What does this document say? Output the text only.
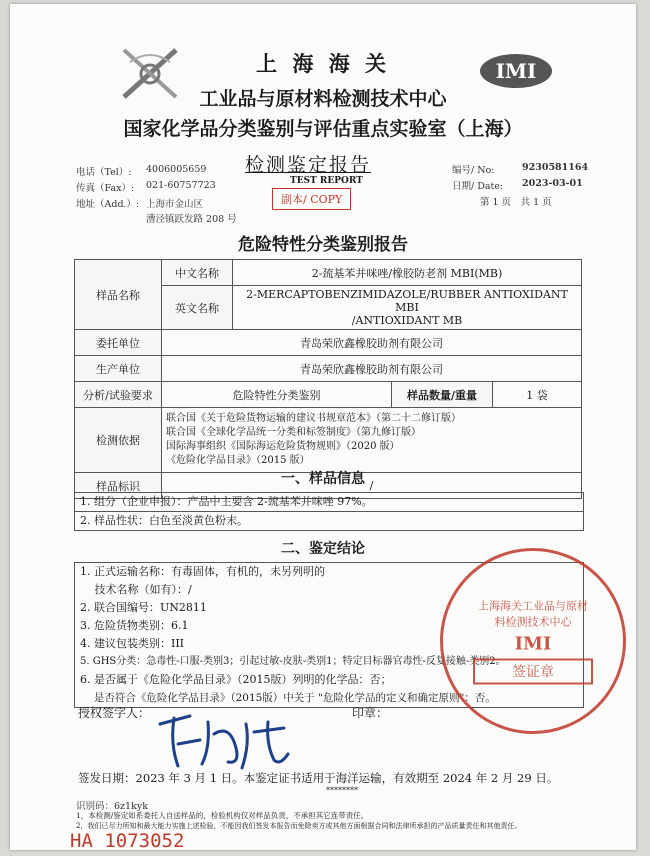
IMI
上 海 海 关
工业品与原材料检测技术中心
国家化学品分类鉴别与评估重点实验室（上海）
电话（Tel）: 4006005659
传真（Fax）: 021-60757723
地址（Add.）: 上海市金山区
漕泾镇跃发路 208 号
检测鉴定报告
TEST REPORT
副本/ COPY
编号/ No:	9230581164
日期/ Date: 2023-03-01
第 1 页　共 1 页
危险特性分类鉴别报告
样品名称	中文名称	2-巯基苯并咪唑/橡胶防老剂 MBI(MB)		
	英文名称	2-MERCAPTOBENZIMIDAZOLE/RUBBER ANTIOXIDANT MBI
/ANTIOXIDANT MB		

委托单位	青岛荣欣鑫橡胶助剂有限公司			
生产单位	青岛荣欣鑫橡胶助剂有限公司			
分析/试验要求	危险特性分类鉴别		样品数量/重量	1 袋
检测依据	联合国《关于危险货物运输的建议书规章范本》（第二十二修订版）
联合国《全球化学品统一分类和标签制度》（第九修订版）
国际海事组织《国际海运危险货物规则》（2020 版）
《危险化学品目录》（2015 版）			

样品标识	/			
一、样品信息
1. 组分（企业申报）：产品中主要含 2-巯基苯并咪唑 97%。
2. 样品性状：白色至淡黄色粉末。
二、鉴定结论
1. 正式运输名称：有毒固体，有机的，未另列明的
　 技术名称（如有）：/
2. 联合国编号：UN2811
3. 危险货物类别：6.1
4. 建议包装类别：III
5. GHS分类：急毒性-口服-类别3；引起过敏-皮肤-类别1；特定目标器官毒性-反复接触-类别2。
6. 是否属于《危险化学品目录》（2015版）列明的化学品：否；
　 是否符合《危险化学品目录》（2015版）中关于 "危险化学品的定义和确定原则"：否。
授权签字人：	印章：
上海海关工业品与原材料检测技术中心
IMI
签证章
签发日期：2023 年 3 月 1 日。本鉴定证书适用于海洋运输，有效期至 2024 年 2 月 29 日。
********
识别码：6z1kyk
1，本检测/鉴定如系委托人自送样品的，检验机构仅对样品负责，不承担其它连带责任。
2，我们已尽力所知和最大能力实施上述检验，不能因我们签发本报告而免除卖方或其他方面根据合同和法律所承担的产品质量责任和其他责任。
HA 1073052
